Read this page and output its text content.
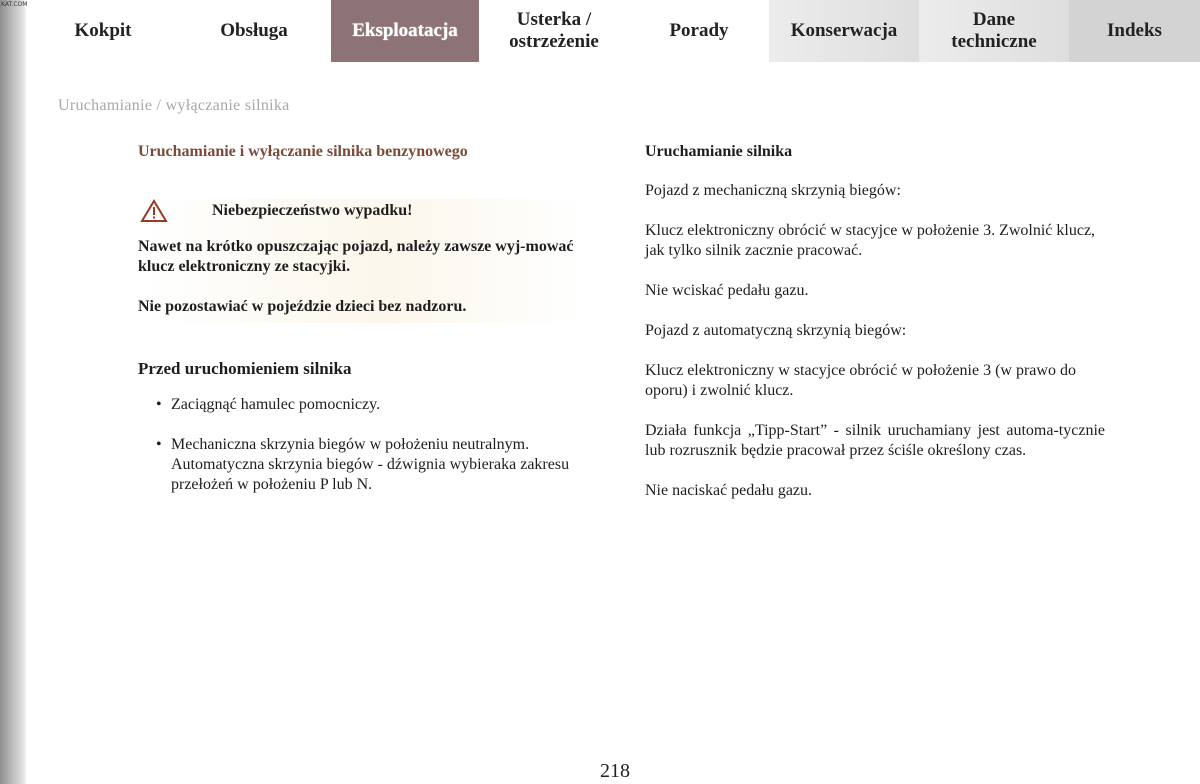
KAT.COM
Kokpit	Obsługa	Eksploatacja
Usterka /
ostrzeżenie
Porady	Konserwacja
Dane
techniczne
Indeks
Uruchamianie / wyłączanie silnika

Uruchamianie i wyłączanie silnika benzynowego

Niebezpieczeństwo wypadku!

Nawet na krótko opuszczając pojazd, należy zawsze wyj-mować klucz elektroniczny ze stacyjki.

Nie pozostawiać w pojeździe dzieci bez nadzoru.

Przed uruchomieniem silnika

• Zaciągnąć hamulec pomocniczy.
• Mechaniczna skrzynia biegów w położeniu neutralnym. Automatyczna skrzynia biegów - dźwignia wybieraka zakresu przełożeń w położeniu P lub N.

Uruchamianie silnika

Pojazd z mechaniczną skrzynią biegów:

Klucz elektroniczny obrócić w stacyjce w położenie 3. Zwolnić klucz, jak tylko silnik zacznie pracować.

Nie wciskać pedału gazu.

Pojazd z automatyczną skrzynią biegów:

Klucz elektroniczny w stacyjce obrócić w położenie 3 (w prawo do oporu) i zwolnić klucz.

Działa funkcja „Tipp-Start” - silnik uruchamiany jest automa-tycznie lub rozrusznik będzie pracował przez ściśle określony czas.

Nie naciskać pedału gazu.

218
